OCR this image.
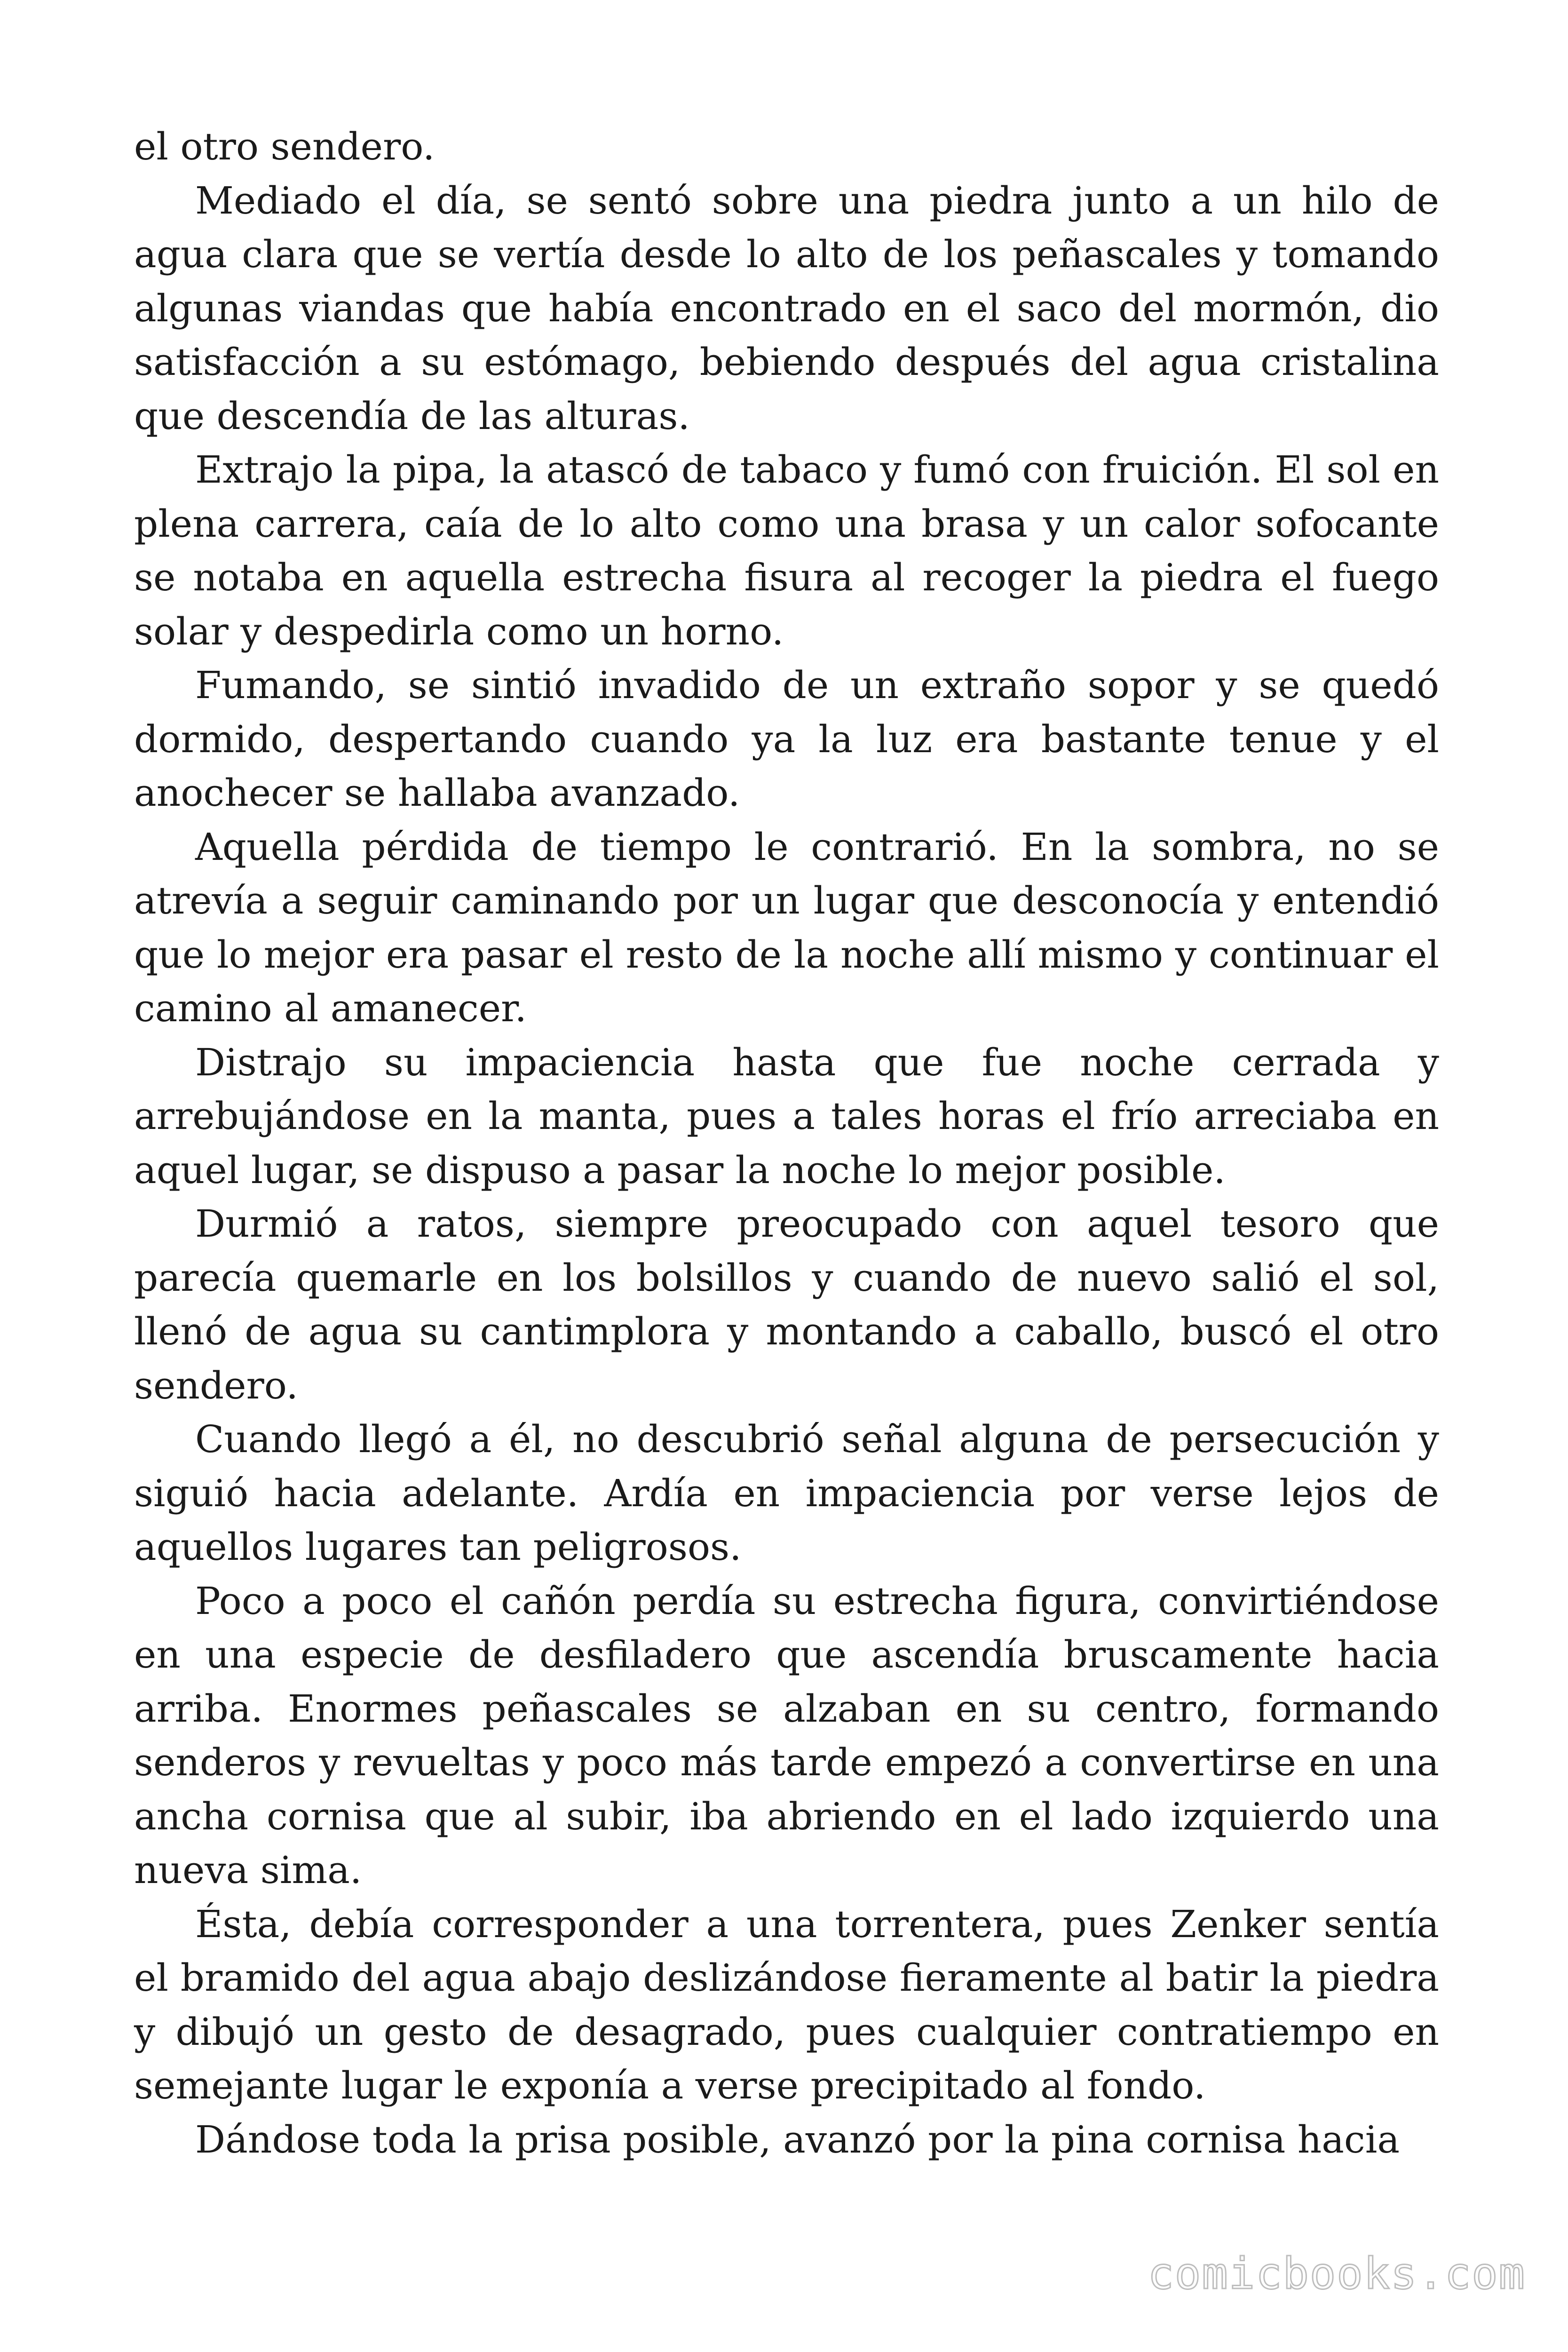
el otro sendero.

Mediado el día, se sentó sobre una piedra junto a un hilo de agua clara que se vertía desde lo alto de los peñascales y tomando algunas viandas que había encontrado en el saco del mormón, dio satisfacción a su estómago, bebiendo después del agua cristalina que descendía de las alturas.

Extrajo la pipa, la atascó de tabaco y fumó con fruición. El sol en plena carrera, caía de lo alto como una brasa y un calor sofocante se notaba en aquella estrecha fisura al recoger la piedra el fuego solar y despedirla como un horno.

Fumando, se sintió invadido de un extraño sopor y se quedó dormido, despertando cuando ya la luz era bastante tenue y el anochecer se hallaba avanzado.

Aquella pérdida de tiempo le contrarió. En la sombra, no se atrevía a seguir caminando por un lugar que desconocía y entendió que lo mejor era pasar el resto de la noche allí mismo y continuar el camino al amanecer.

Distrajo su impaciencia hasta que fue noche cerrada y arrebujándose en la manta, pues a tales horas el frío arreciaba en aquel lugar, se dispuso a pasar la noche lo mejor posible.

Durmió a ratos, siempre preocupado con aquel tesoro que parecía quemarle en los bolsillos y cuando de nuevo salió el sol, llenó de agua su cantimplora y montando a caballo, buscó el otro sendero.

Cuando llegó a él, no descubrió señal alguna de persecución y siguió hacia adelante. Ardía en impaciencia por verse lejos de aquellos lugares tan peligrosos.

Poco a poco el cañón perdía su estrecha figura, convirtiéndose en una especie de desfiladero que ascendía bruscamente hacia arriba. Enormes peñascales se alzaban en su centro, formando senderos y revueltas y poco más tarde empezó a convertirse en una ancha cornisa que al subir, iba abriendo en el lado izquierdo una nueva sima.

Ésta, debía corresponder a una torrentera, pues Zenker sentía el bramido del agua abajo deslizándose fieramente al batir la piedra y dibujó un gesto de desagrado, pues cualquier contratiempo en semejante lugar le exponía a verse precipitado al fondo.

Dándose toda la prisa posible, avanzó por la pina cornisa hacia

comicbooks.com
